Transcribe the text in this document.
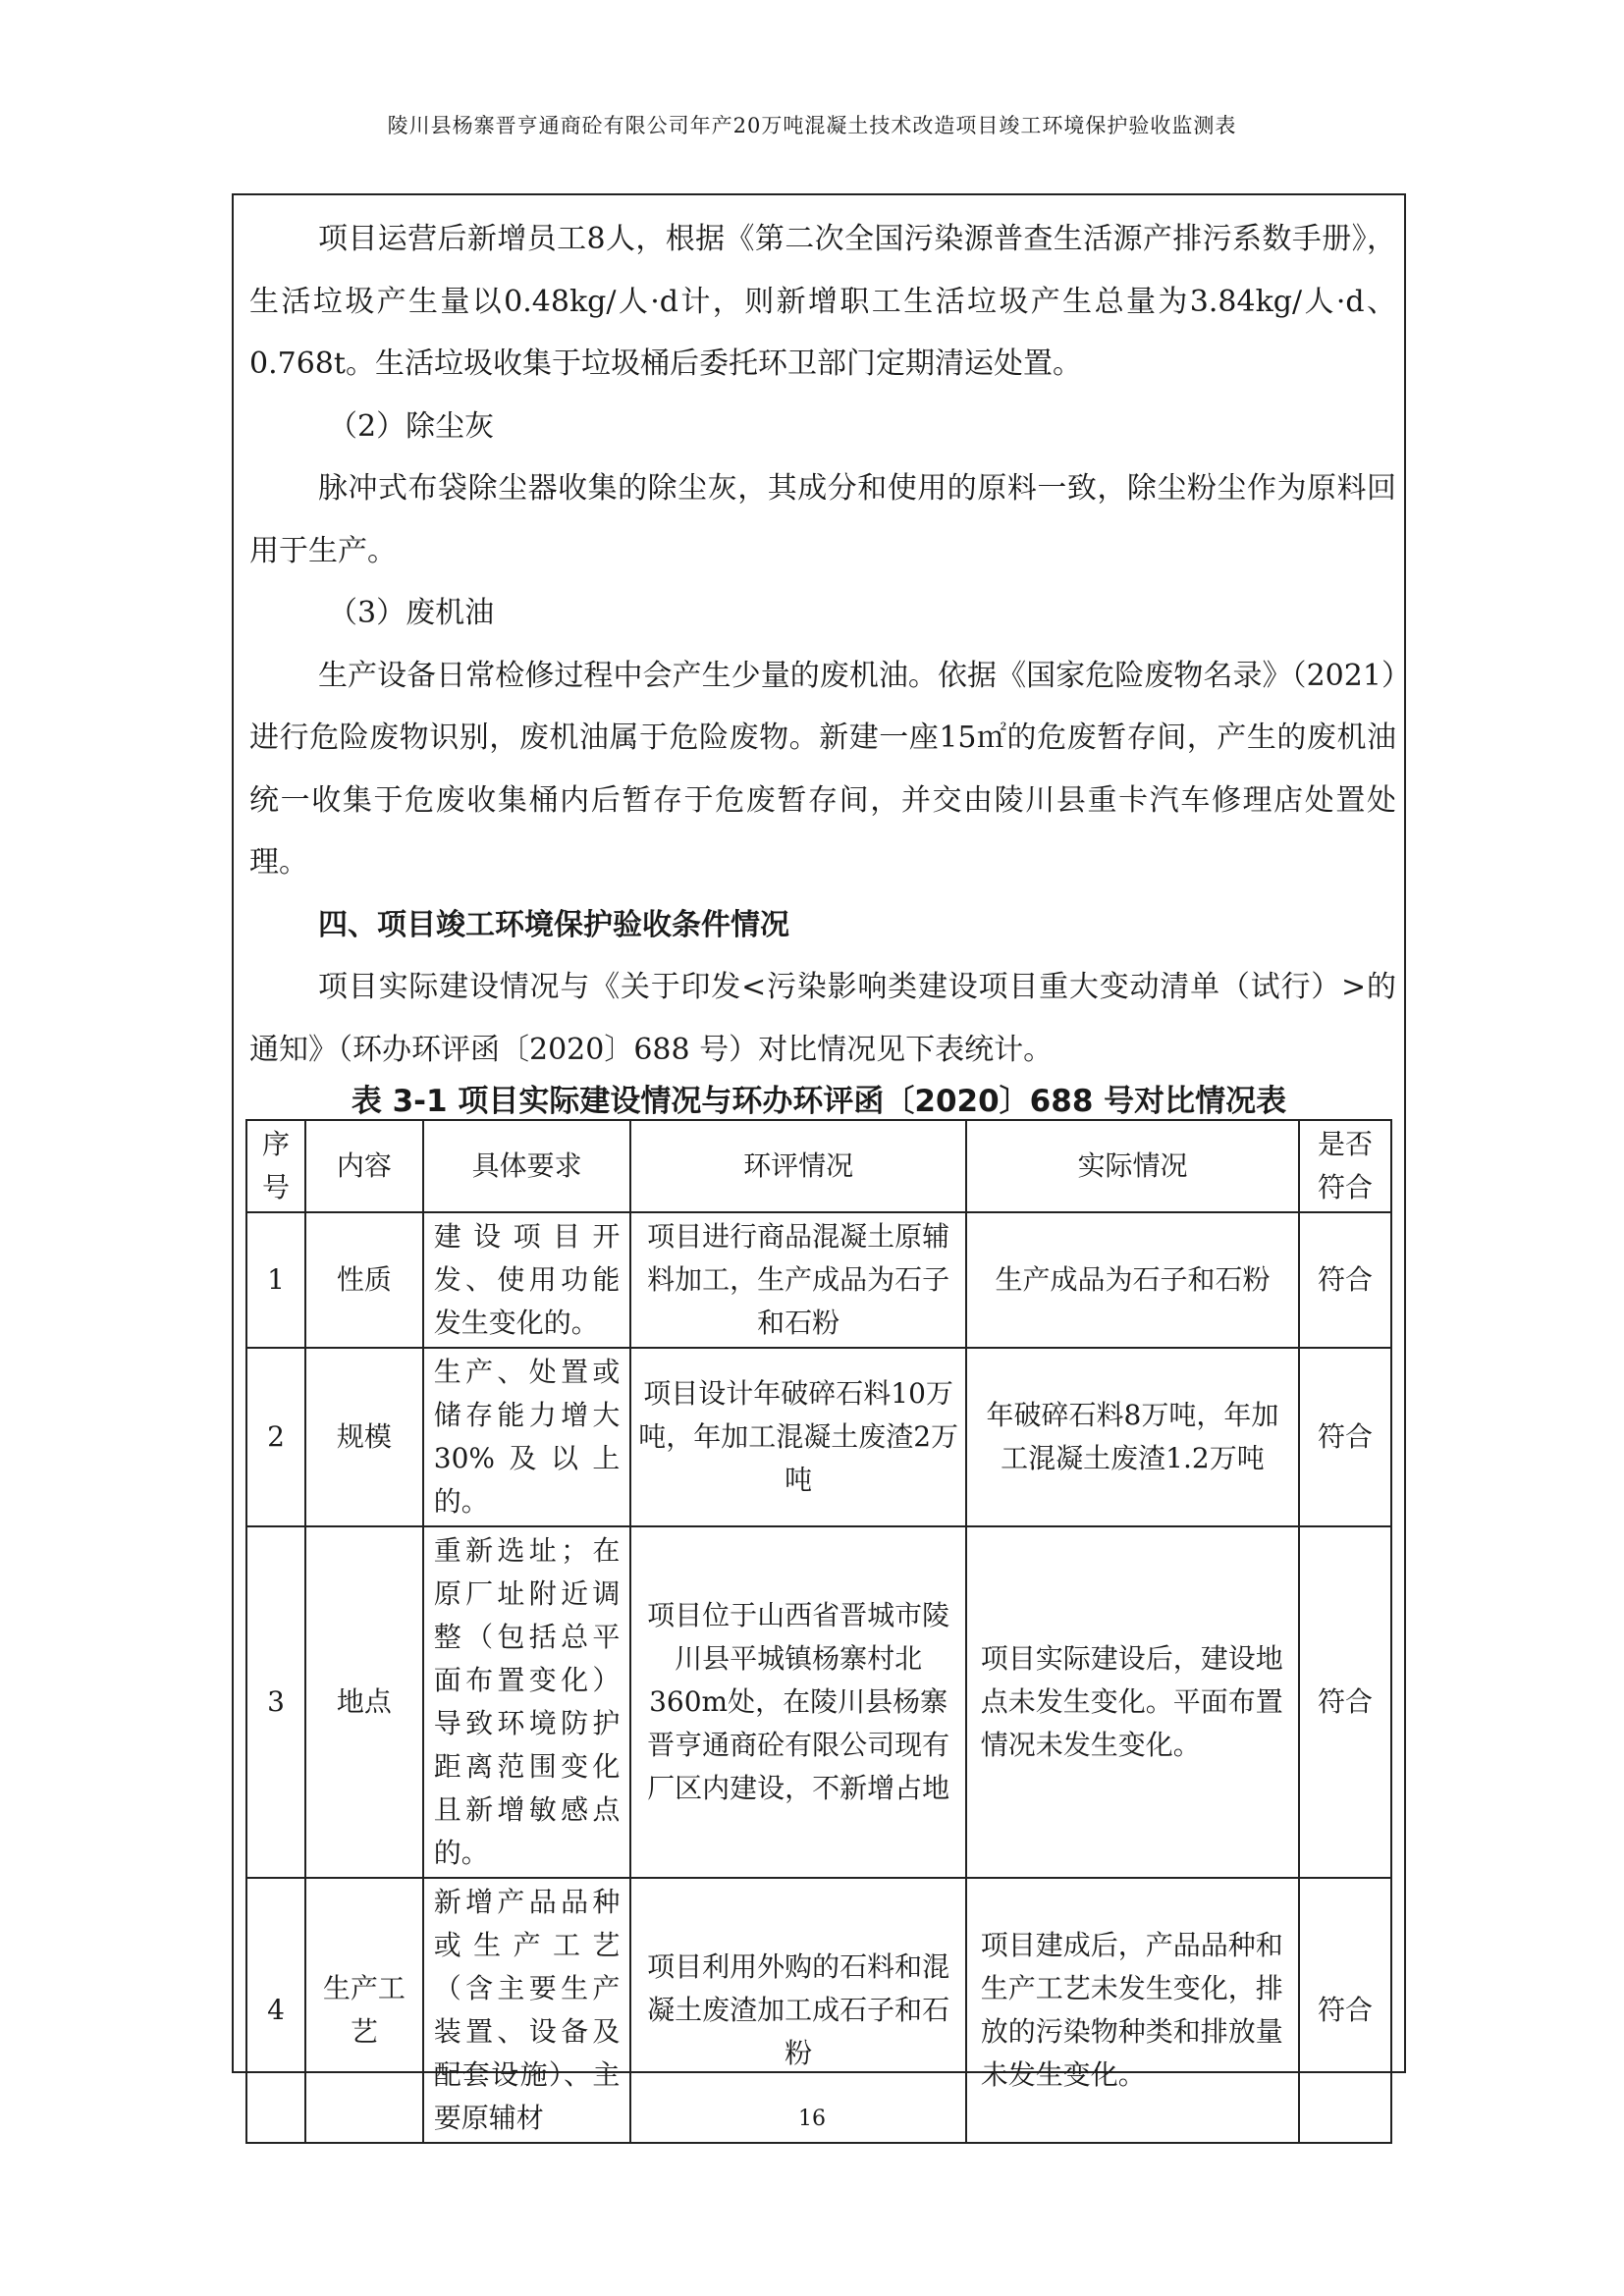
陵川县杨寨晋亨通商砼有限公司年产20万吨混凝土技术改造项目竣工环境保护验收监测表

项目运营后新增员工8人，根据《第二次全国污染源普查生活源产排污系数手册》，生活垃圾产生量以0.48kg/人·d计，则新增职工生活垃圾产生总量为3.84kg/人·d、0.768t。生活垃圾收集于垃圾桶后委托环卫部门定期清运处置。

（2）除尘灰

脉冲式布袋除尘器收集的除尘灰，其成分和使用的原料一致，除尘粉尘作为原料回用于生产。

（3）废机油

生产设备日常检修过程中会产生少量的废机油。依据《国家危险废物名录》（2021）进行危险废物识别，废机油属于危险废物。新建一座15㎡的危废暂存间，产生的废机油统一收集于危废收集桶内后暂存于危废暂存间，并交由陵川县重卡汽车修理店处置处理。

四、项目竣工环境保护验收条件情况

项目实际建设情况与《关于印发<污染影响类建设项目重大变动清单（试行）>的通知》（环办环评函〔2020〕688 号）对比情况见下表统计。

表 3-1 项目实际建设情况与环办环评函〔2020〕688 号对比情况表
序号	内容	具体要求	环评情况	实际情况	是否符合
1	性质	建设项目开发、使用功能发生变化的。	项目进行商品混凝土原辅料加工，生产成品为石子和石粉	生产成品为石子和石粉	符合
2	规模	生产、处置或储存能力增大30%及以上的。	项目设计年破碎石料10万吨，年加工混凝土废渣2万吨	年破碎石料8万吨，年加工混凝土废渣1.2万吨	符合
3	地点	重新选址；在原厂址附近调整（包括总平面布置变化）导致环境防护距离范围变化且新增敏感点的。	项目位于山西省晋城市陵川县平城镇杨寨村北360m处，在陵川县杨寨晋亨通商砼有限公司现有厂区内建设，不新增占地	项目实际建设后，建设地点未发生变化。平面布置情况未发生变化。	符合
4	生产工艺	新增产品品种或生产工艺（含主要生产装置、设备及配套设施）、主要原辅材	项目利用外购的石料和混凝土废渣加工成石子和石粉	项目建成后，产品品种和生产工艺未发生变化，排放的污染物种类和排放量未发生变化。	符合
16
